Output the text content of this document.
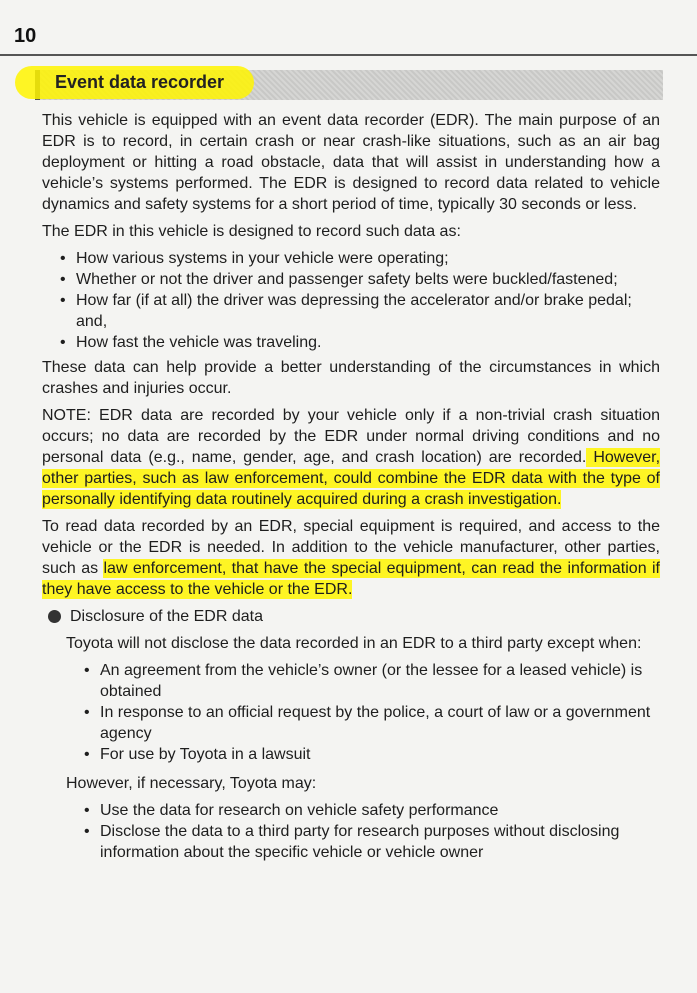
10
Event data recorder

This vehicle is equipped with an event data recorder (EDR). The main purpose of an EDR is to record, in certain crash or near crash-like situations, such as an air bag deployment or hitting a road obstacle, data that will assist in understanding how a vehicle’s systems performed. The EDR is designed to record data related to vehicle dynamics and safety systems for a short period of time, typically 30 seconds or less.

The EDR in this vehicle is designed to record such data as:

• How various systems in your vehicle were operating;
• Whether or not the driver and passenger safety belts were buckled/fastened;
• How far (if at all) the driver was depressing the accelerator and/or brake pedal; and,
• How fast the vehicle was traveling.

These data can help provide a better understanding of the circumstances in which crashes and injuries occur.

NOTE: EDR data are recorded by your vehicle only if a non-trivial crash situation occurs; no data are recorded by the EDR under normal driving conditions and no personal data (e.g., name, gender, age, and crash location) are recorded. However, other parties, such as law enforcement, could combine the EDR data with the type of personally identifying data routinely acquired during a crash investigation.

To read data recorded by an EDR, special equipment is required, and access to the vehicle or the EDR is needed. In addition to the vehicle manufacturer, other parties, such as law enforcement, that have the special equipment, can read the information if they have access to the vehicle or the EDR.

Disclosure of the EDR data

Toyota will not disclose the data recorded in an EDR to a third party except when:

• An agreement from the vehicle’s owner (or the lessee for a leased vehicle) is obtained
• In response to an official request by the police, a court of law or a government agency
• For use by Toyota in a lawsuit

However, if necessary, Toyota may:

• Use the data for research on vehicle safety performance
• Disclose the data to a third party for research purposes without disclosing information about the specific vehicle or vehicle owner
